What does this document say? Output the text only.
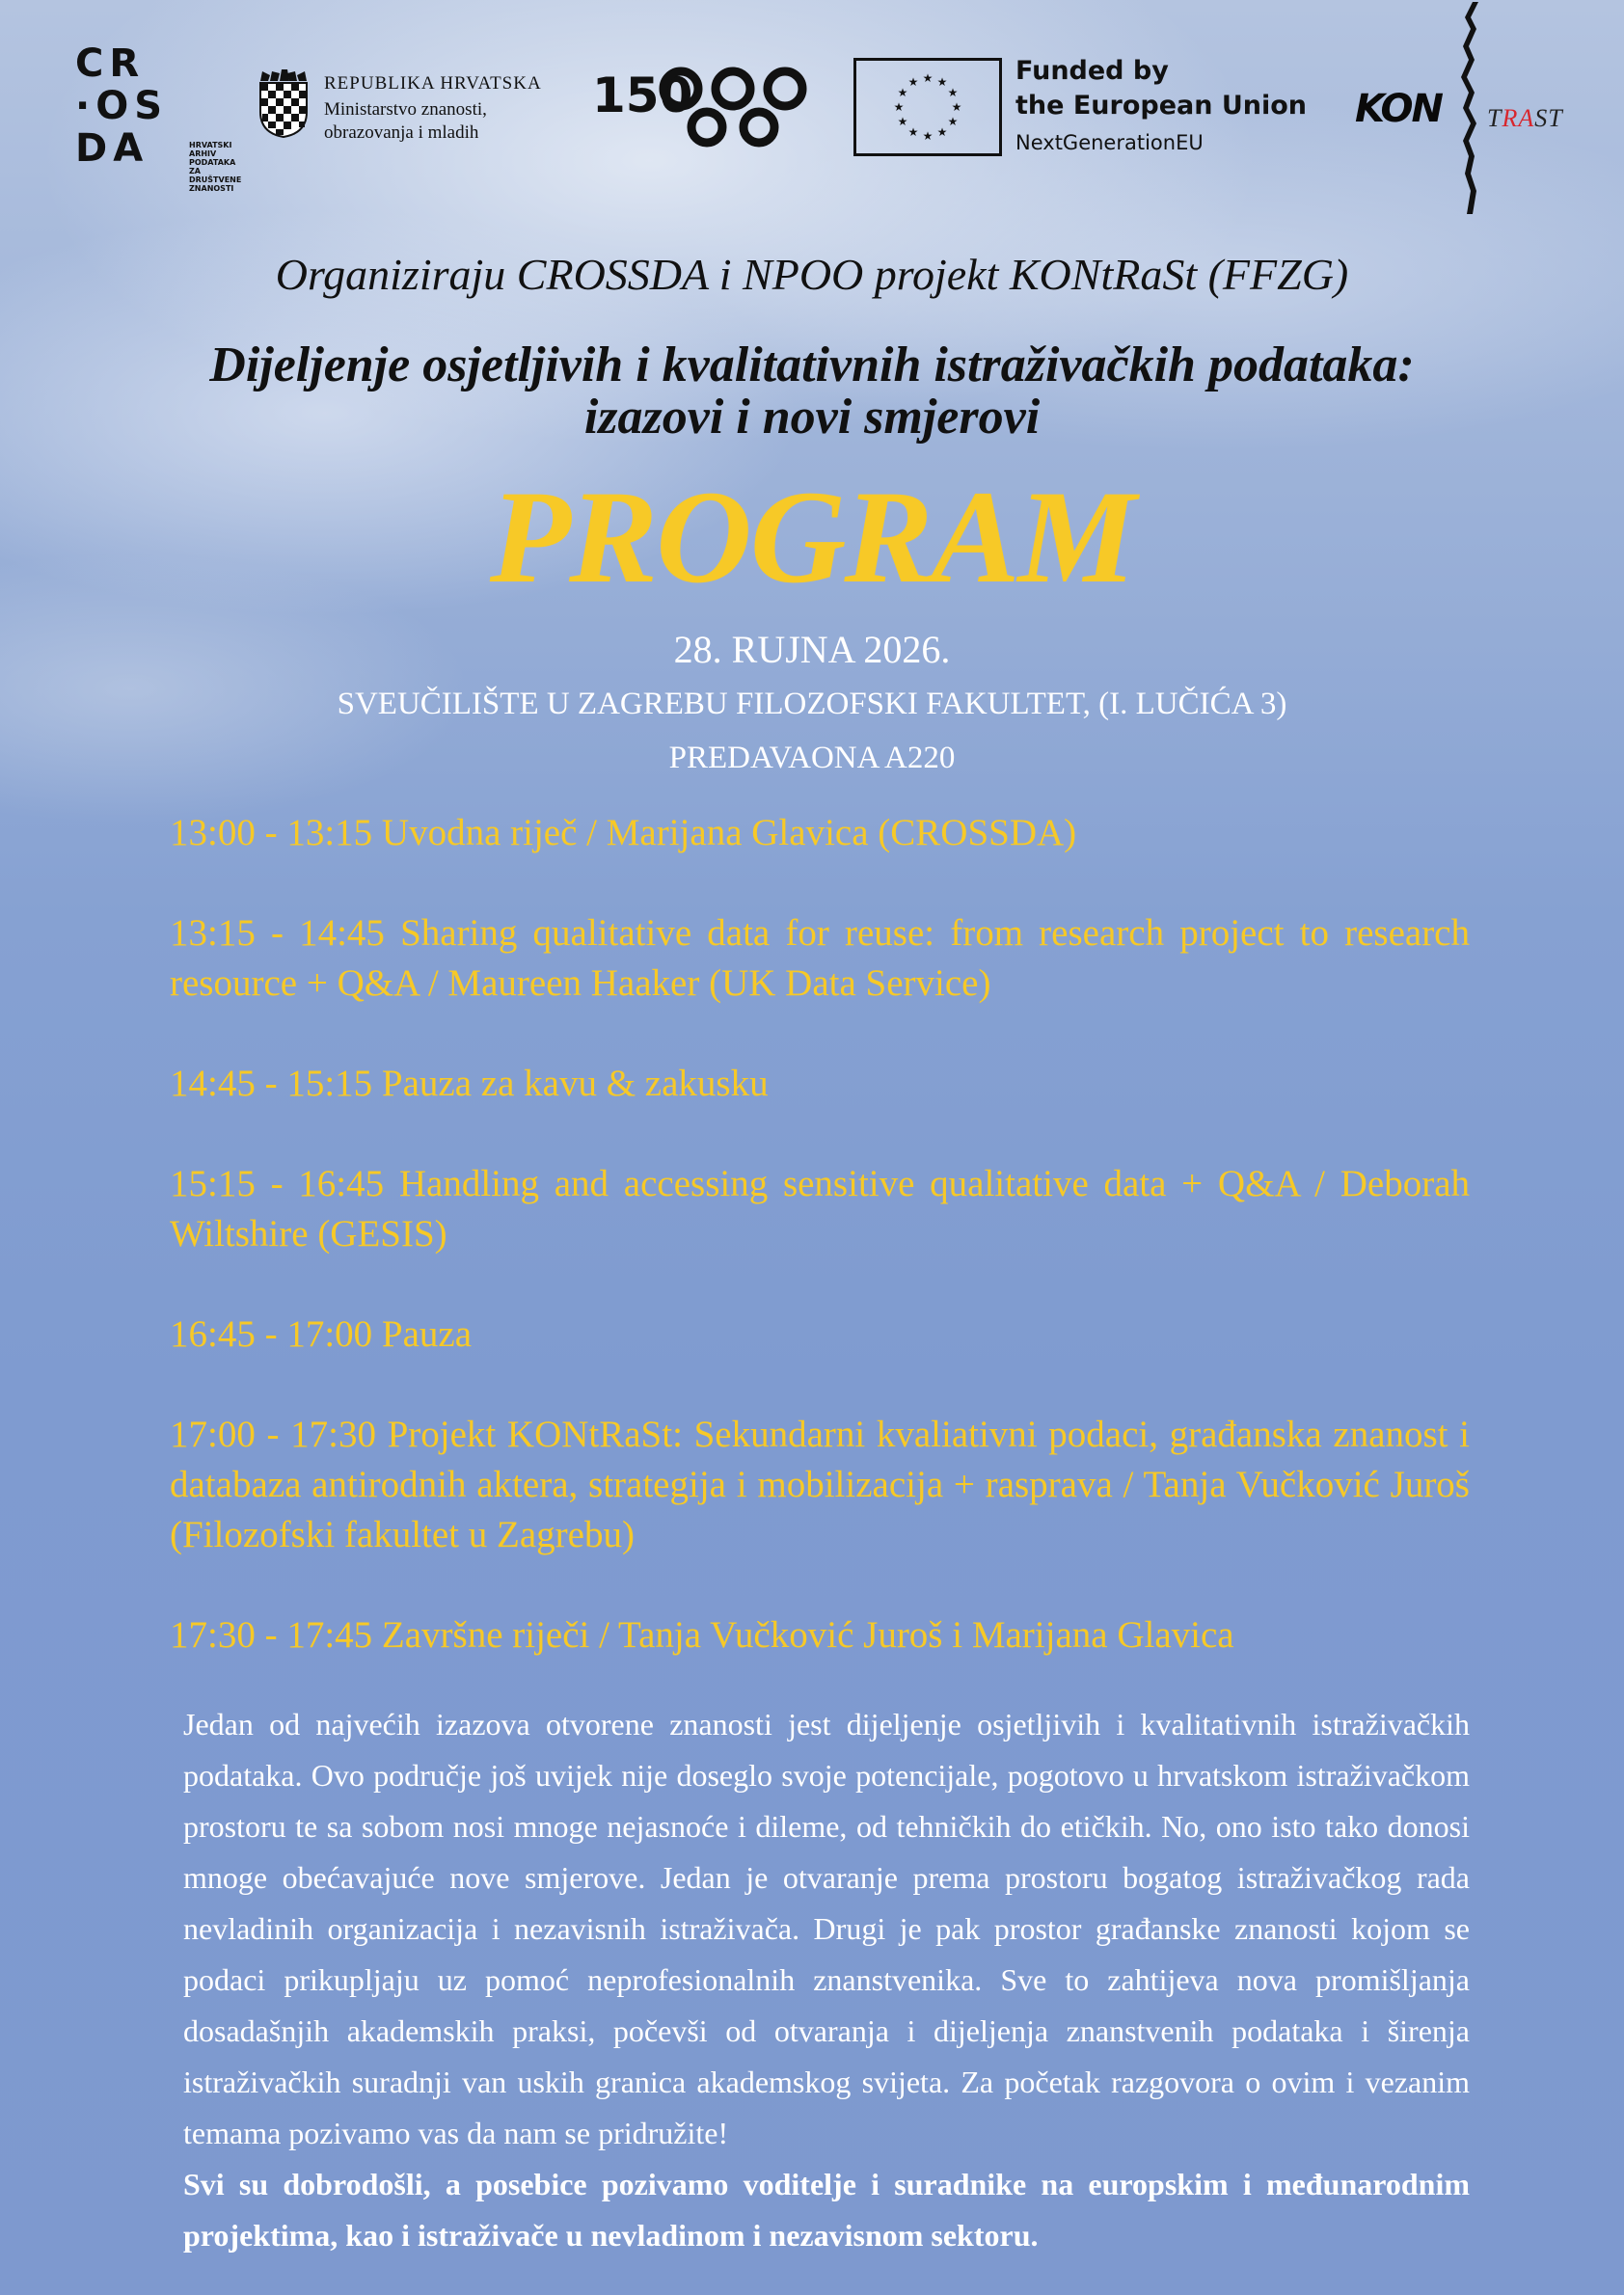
CR
·OS
DA	HRVATSKI ARHIV PODATAKA ZA DRUŠTVENE ZNANOSTI
REPUBLIKA HRVATSKA
Ministarstvo znanosti, obrazovanja i mladih
150	★ ★
★
★
★
★
★
★
★
★
★
★	Funded by
the European Union
NextGenerationEU
KON TRAST
Organiziraju CROSSDA i NPOO projekt KONtRaSt (FFZG)
Dijeljenje osjetljivih i kvalitativnih istraživačkih podataka:
izazovi i novi smjerovi
PROGRAM
28. RUJNA 2026.
SVEUČILIŠTE U ZAGREBU FILOZOFSKI FAKULTET, (I. LUČIĆA 3)
PREDAVAONA A220
13:00 - 13:15 Uvodna riječ / Marijana Glavica (CROSSDA)
13:15 - 14:45 Sharing qualitative data for reuse: from research project to research resource + Q&A / Maureen Haaker (UK Data Service)
14:45 - 15:15 Pauza za kavu & zakusku
15:15 - 16:45 Handling and accessing sensitive qualitative data + Q&A / Deborah Wiltshire (GESIS)
16:45 - 17:00 Pauza
17:00 - 17:30 Projekt KONtRaSt: Sekundarni kvaliativni podaci, građanska znanost i databaza antirodnih aktera, strategija i mobilizacija + rasprava / Tanja Vučković Juroš (Filozofski fakultet u Zagrebu)
17:30 - 17:45 Završne riječi / Tanja Vučković Juroš i Marijana Glavica
Jedan od najvećih izazova otvorene znanosti jest dijeljenje osjetljivih i kvalitativnih istraživačkih podataka. Ovo područje još uvijek nije doseglo svoje potencijale, pogotovo u hrvatskom istraživačkom prostoru te sa sobom nosi mnoge nejasnoće i dileme, od tehničkih do etičkih. No, ono isto tako donosi mnoge obećavajuće nove smjerove. Jedan je otvaranje prema prostoru bogatog istraživačkog rada nevladinih organizacija i nezavisnih istraživača. Drugi je pak prostor građanske znanosti kojom se podaci prikupljaju uz pomoć neprofesionalnih znanstvenika. Sve to zahtijeva nova promišljanja dosadašnjih akademskih praksi, počevši od otvaranja i dijeljenja znanstvenih podataka i širenja istraživačkih suradnji van uskih granica akademskog svijeta. Za početak razgovora o ovim i vezanim temama pozivamo vas da nam se pridružite!
Svi su dobrodošli, a posebice pozivamo voditelje i suradnike na europskim i međunarodnim projektima, kao i istraživače u nevladinom i nezavisnom sektoru.
